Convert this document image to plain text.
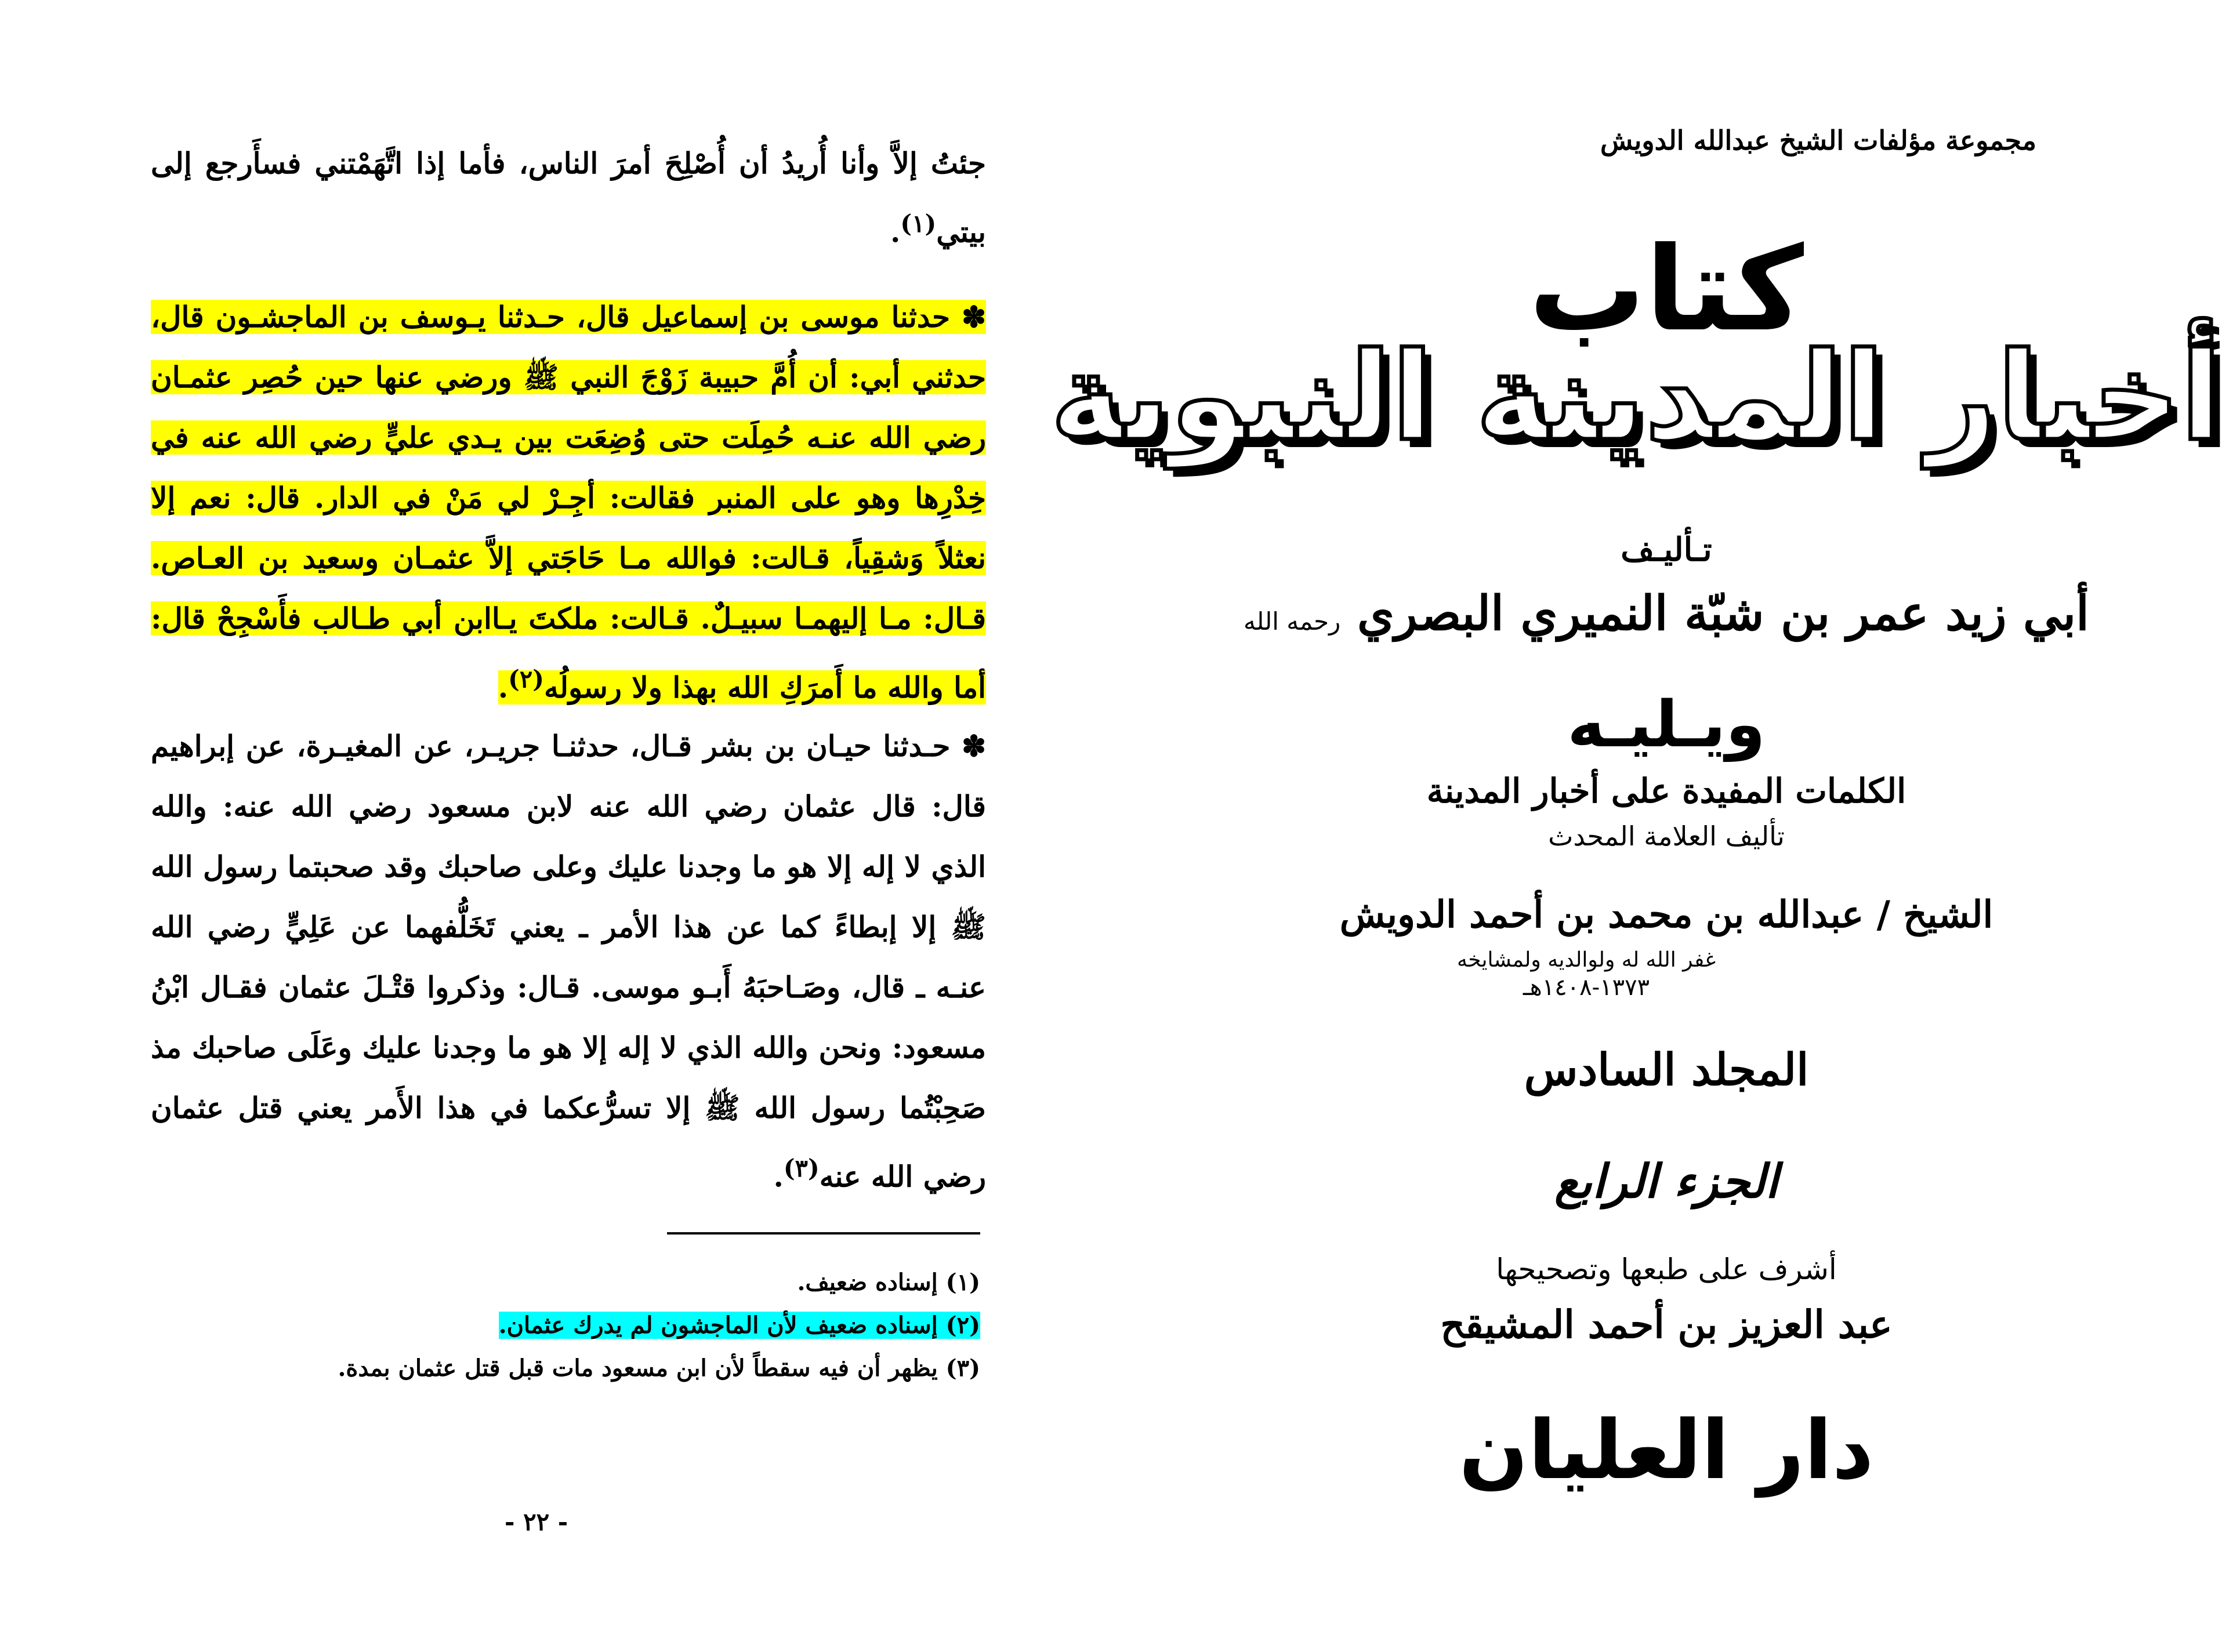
جئتُ إلاَّ وأنا أُريدُ أن أُصْلِحَ أمرَ الناس، فأما إذا اتَّهَمْتني فسأَرجع إلى بيتي$^{(١)}$.

✽ حدثنا موسى بن إسماعيل قال، حـدثنا يـوسف بن الماجشـون قال، حدثني أبي: أن أُمَّ حبيبة زَوْجَ النبي ﷺ ورضي عنها حين حُصِر عثمـان رضي الله عنـه حُمِلَت حتى وُضِعَت بين يـدي عليٍّ رضي الله عنه في خِدْرِها وهو على المنبر فقالت: أجِـرْ لي مَنْ في الدار. قال: نعم إلا نعثلاً وَشقِياً، قـالت: فوالله مـا حَاجَتي إلاَّ عثمـان وسعيد بن العـاص. قـال: مـا إليهمـا سبيـلٌ. قـالت: ملكتَ يـاابن أبي طـالب فأَسْجِحْ قال: أما والله ما أَمرَكِ الله بهذا ولا رسولُه$^{(٢)}$.

✽ حـدثنا حيـان بن بشر قـال، حدثنـا جريـر، عن المغيـرة، عن إبراهيم قال: قال عثمان رضي الله عنه لابن مسعود رضي الله عنه: والله الذي لا إله إلا هو ما وجدنا عليك وعلى صاحبك وقد صحبتما رسول الله ﷺ إلا إبطاءً كما عن هذا الأمر ـ يعني تَخَلُّفهما عن عَلِيٍّ رضي الله عنـه ـ قال، وصَـاحبَهُ أَبـو موسى. قـال: وذكروا قتْـلَ عثمان فقـال ابْنُ مسعود: ونحن والله الذي لا إله إلا هو ما وجدنا عليك وعَلَى صاحبك مذ صَحِبْتُما رسول الله ﷺ إلا تسرُّعكما في هذا الأَمر يعني قتل عثمان رضي الله عنه$^{(٣)}$.

(١) إسناده ضعيف.
(٢) إسناده ضعيف لأن الماجشون لم يدرك عثمان.
(٣) يظهر أن فيه سقطاً لأن ابن مسعود مات قبل قتل عثمان بمدة.
- ٢٢ -
مجموعة مؤلفات الشيخ عبدالله الدويش
كتاب
أخبار المدينة النبوية
تـأليـف
أبي زيد عمر بن شبّة النميري البصري رحمه الله
ويـليـه
الكلمات المفيدة على أخبار المدينة
تأليف العلامة المحدث
الشيخ / عبدالله بن محمد بن أحمد الدويش
غفر الله له ولوالديه ولمشايخه
١٣٧٣-١٤٠٨هـ
المجلد السادس
الجزء الرابع
أشرف على طبعها وتصحيحها
عبد العزيز بن أحمد المشيقح
دار العليان
